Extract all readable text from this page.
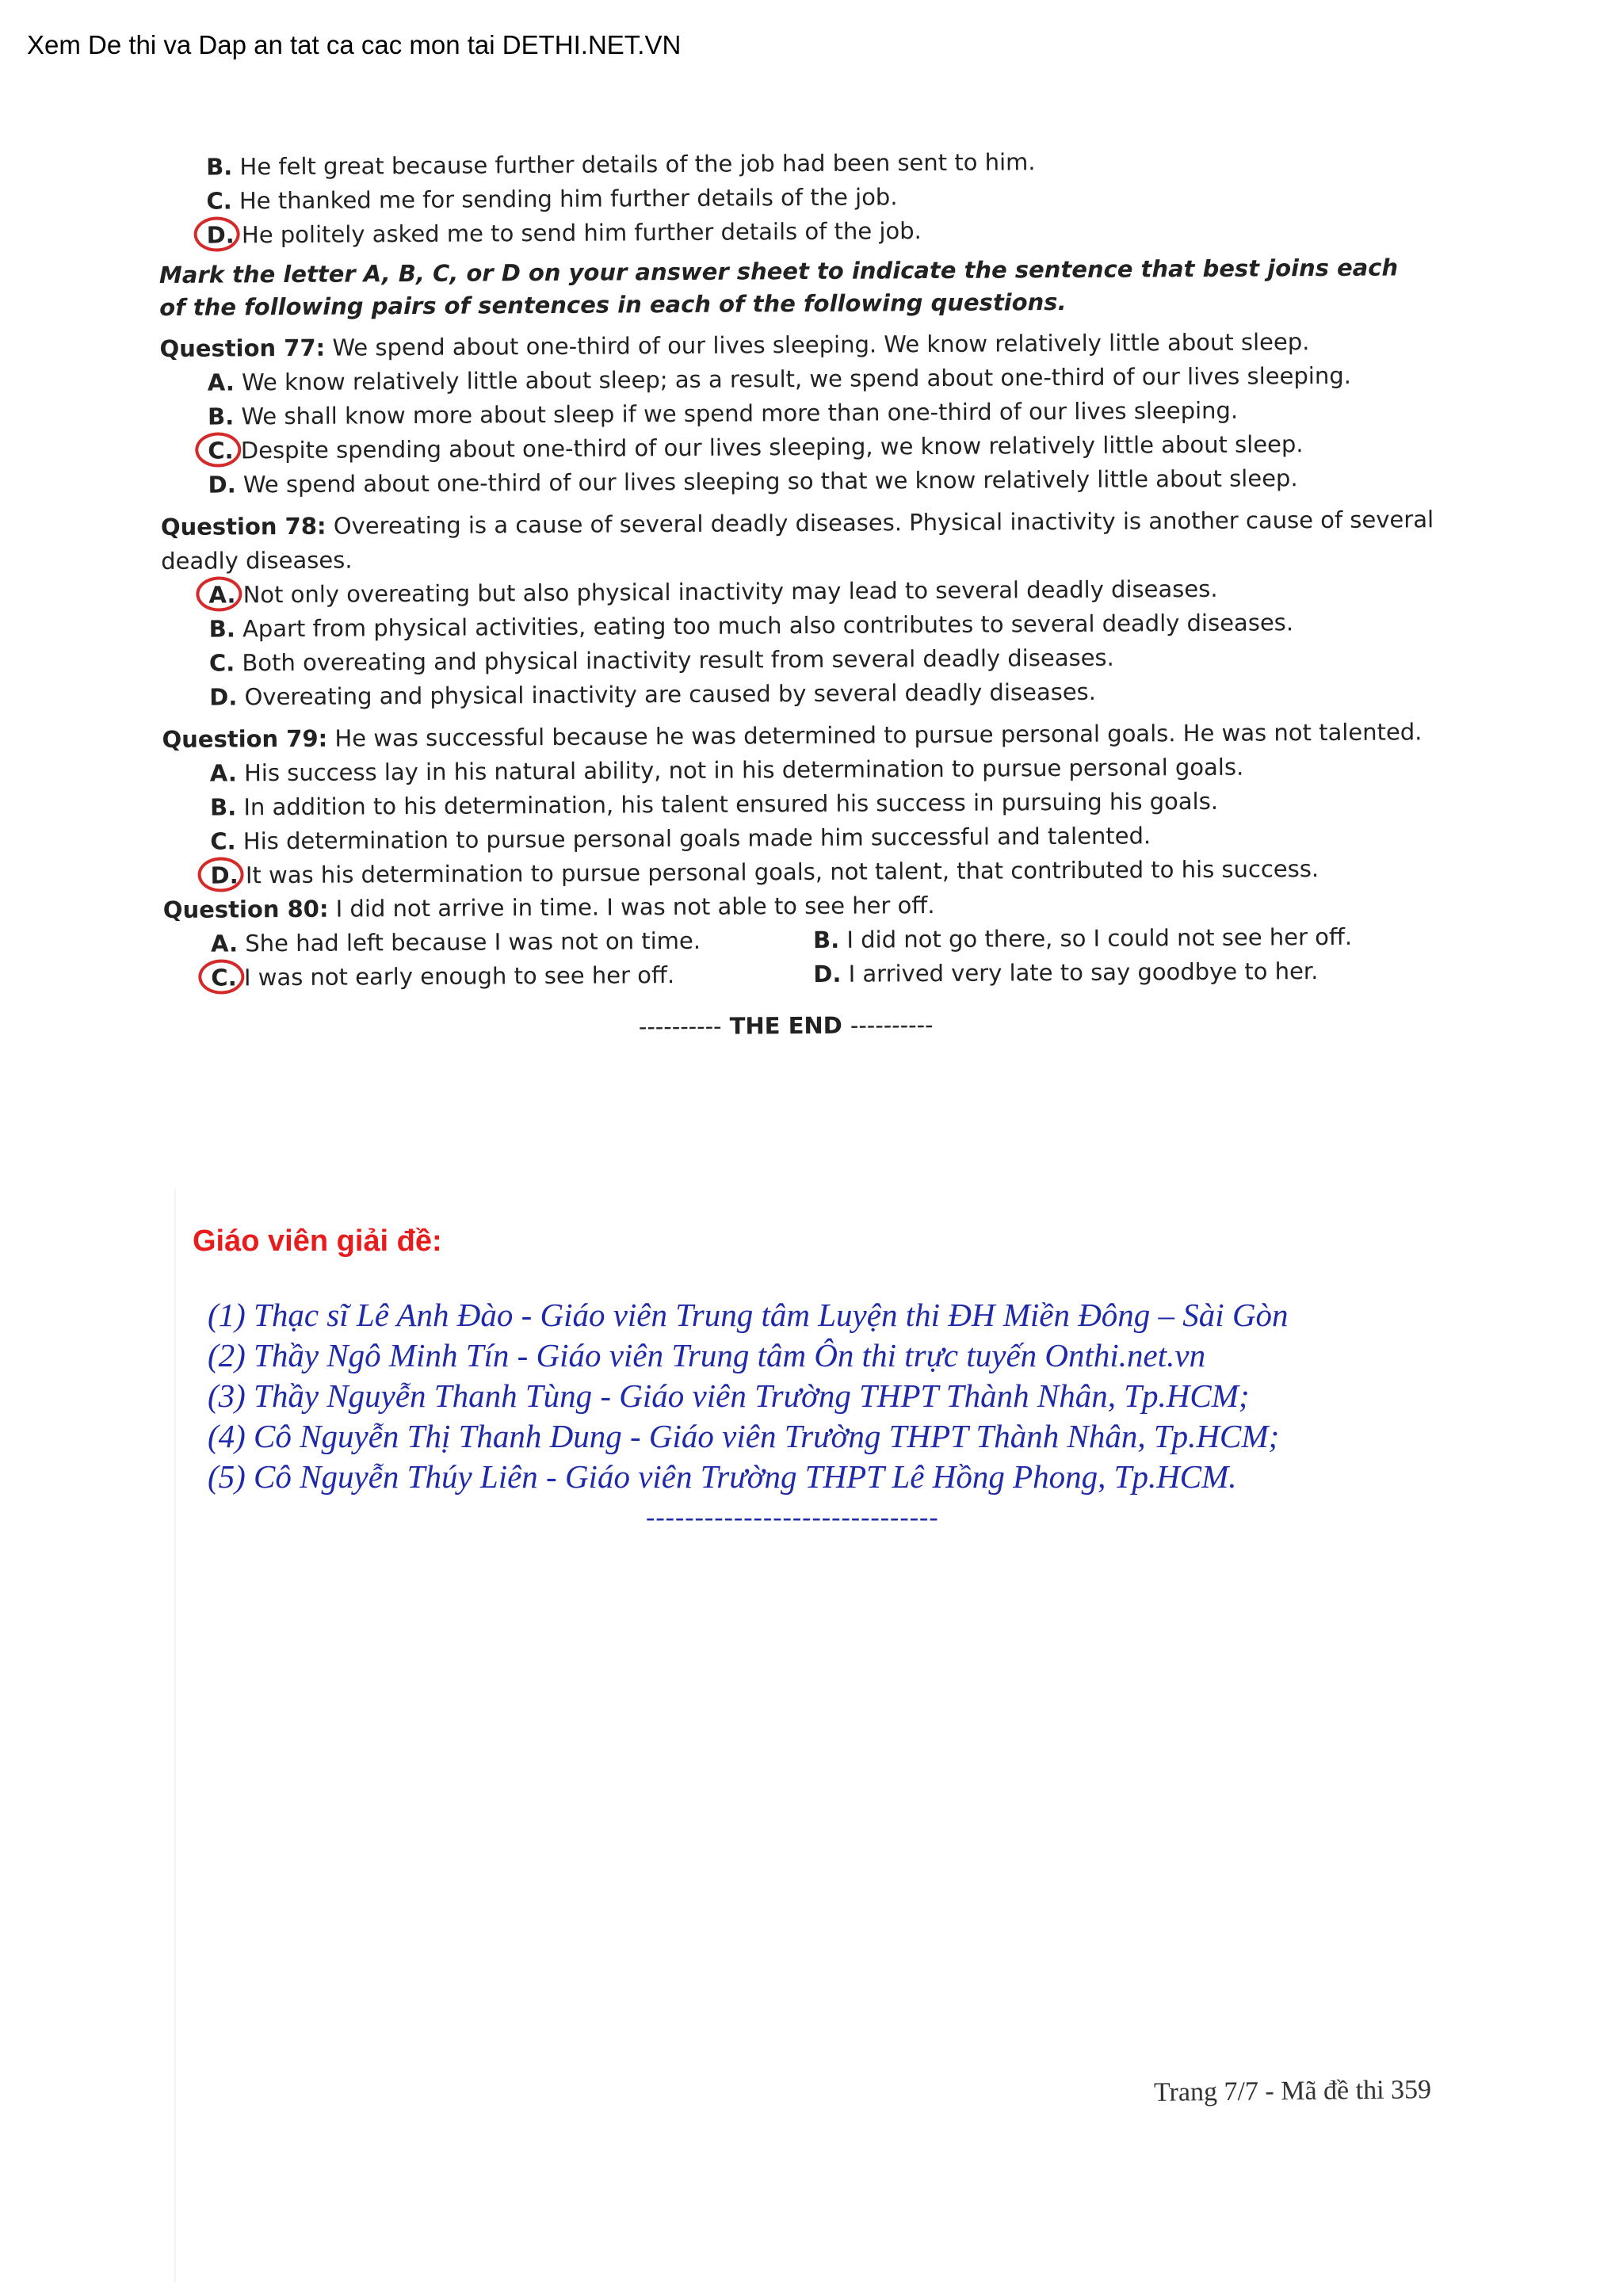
Xem De thi va Dap an tat ca cac mon tai DETHI.NET.VN
B. He felt great because further details of the job had been sent to him.
C. He thanked me for sending him further details of the job.
D. He politely asked me to send him further details of the job.
Mark the letter A, B, C, or D on your answer sheet to indicate the sentence that best joins each of the following pairs of sentences in each of the following questions.
Question 77: We spend about one-third of our lives sleeping. We know relatively little about sleep.
A. We know relatively little about sleep; as a result, we spend about one-third of our lives sleeping.
B. We shall know more about sleep if we spend more than one-third of our lives sleeping.
C. Despite spending about one-third of our lives sleeping, we know relatively little about sleep.
D. We spend about one-third of our lives sleeping so that we know relatively little about sleep.
Question 78: Overeating is a cause of several deadly diseases. Physical inactivity is another cause of several deadly diseases.
A. Not only overeating but also physical inactivity may lead to several deadly diseases.
B. Apart from physical activities, eating too much also contributes to several deadly diseases.
C. Both overeating and physical inactivity result from several deadly diseases.
D. Overeating and physical inactivity are caused by several deadly diseases.
Question 79: He was successful because he was determined to pursue personal goals. He was not talented.
A. His success lay in his natural ability, not in his determination to pursue personal goals.
B. In addition to his determination, his talent ensured his success in pursuing his goals.
C. His determination to pursue personal goals made him successful and talented.
D. It was his determination to pursue personal goals, not talent, that contributed to his success.
Question 80: I did not arrive in time. I was not able to see her off.
A. She had left because I was not on time.	B. I did not go there, so I could not see her off.
C. I was not early enough to see her off.	D. I arrived very late to say goodbye to her.
---------- THE END ----------
Giáo viên giải đề:
(1) Thạc sĩ Lê Anh Đào - Giáo viên Trung tâm Luyện thi ĐH Miền Đông – Sài Gòn
(2) Thầy Ngô Minh Tín - Giáo viên Trung tâm Ôn thi trực tuyến Onthi.net.vn
(3) Thầy Nguyễn Thanh Tùng - Giáo viên Trường THPT Thành Nhân, Tp.HCM;
(4) Cô Nguyễn Thị Thanh Dung - Giáo viên Trường THPT Thành Nhân, Tp.HCM;
(5) Cô Nguyễn Thúy Liên - Giáo viên Trường THPT Lê Hồng Phong, Tp.HCM.
------------------------------
Trang 7/7 - Mã đề thi 359
